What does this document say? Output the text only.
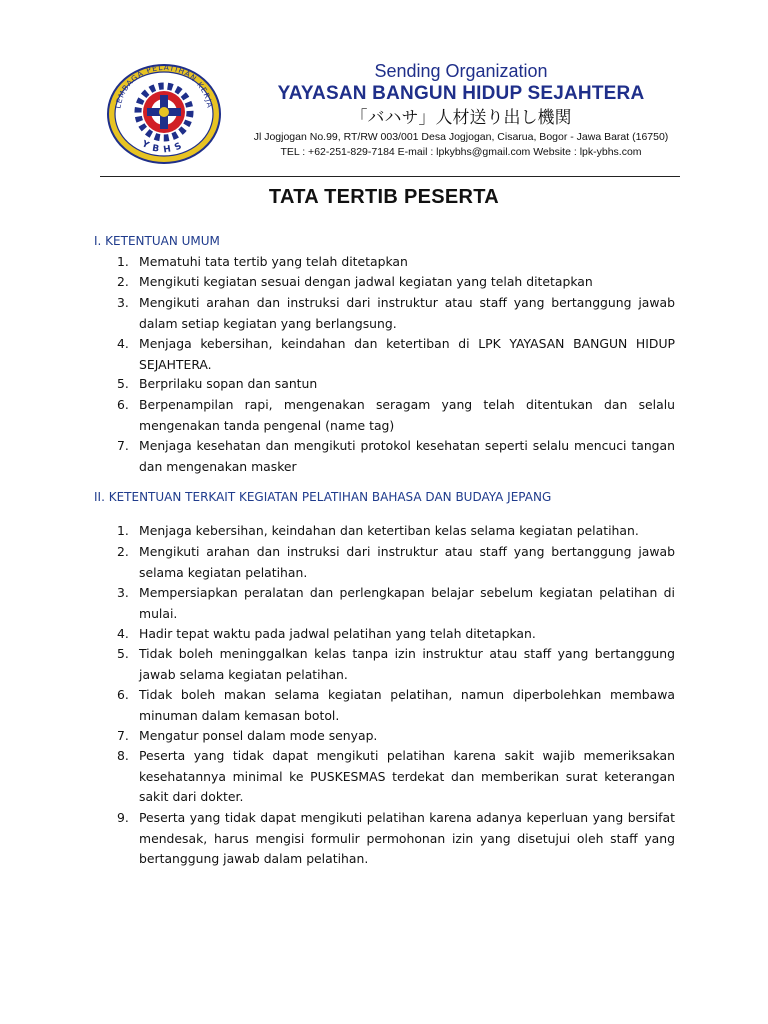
LEMBAGA PELATIHAN KERJA
YBHS
Sending Organization
YAYASAN BANGUN HIDUP SEJAHTERA
「バハサ」人材送り出し機関
Jl Jogjogan No.99, RT/RW 003/001 Desa Jogjogan, Cisarua, Bogor - Jawa Barat (16750)
TEL : +62-251-829-7184 E-mail : lpkybhs@gmail.com Website : lpk-ybhs.com
TATA TERTIB PESERTA
I. KETENTUAN UMUM
1. Mematuhi tata tertib yang telah ditetapkan
2. Mengikuti kegiatan sesuai dengan jadwal kegiatan yang telah ditetapkan
3. Mengikuti arahan dan instruksi dari instruktur atau staff yang bertanggung jawab dalam setiap kegiatan yang berlangsung.
4. Menjaga kebersihan, keindahan dan ketertiban di LPK YAYASAN BANGUN HIDUP SEJAHTERA.
5. Berprilaku sopan dan santun
6. Berpenampilan rapi, mengenakan seragam yang telah ditentukan dan selalu mengenakan tanda pengenal (name tag)
7. Menjaga kesehatan dan mengikuti protokol kesehatan seperti selalu mencuci tangan dan mengenakan masker
II. KETENTUAN TERKAIT KEGIATAN PELATIHAN BAHASA DAN BUDAYA JEPANG
1. Menjaga kebersihan, keindahan dan ketertiban kelas selama kegiatan pelatihan.
2. Mengikuti arahan dan instruksi dari instruktur atau staff yang bertanggung jawab selama kegiatan pelatihan.
3. Mempersiapkan peralatan dan perlengkapan belajar sebelum kegiatan pelatihan di mulai.
4. Hadir tepat waktu pada jadwal pelatihan yang telah ditetapkan.
5. Tidak boleh meninggalkan kelas tanpa izin instruktur atau staff yang bertanggung jawab selama kegiatan pelatihan.
6. Tidak boleh makan selama kegiatan pelatihan, namun diperbolehkan membawa minuman dalam kemasan botol.
7. Mengatur ponsel dalam mode senyap.
8. Peserta yang tidak dapat mengikuti pelatihan karena sakit wajib memeriksakan kesehatannya minimal ke PUSKESMAS terdekat dan memberikan surat keterangan sakit dari dokter.
9. Peserta yang tidak dapat mengikuti pelatihan karena adanya keperluan yang bersifat mendesak, harus mengisi formulir permohonan izin yang disetujui oleh staff yang bertanggung jawab dalam pelatihan.
